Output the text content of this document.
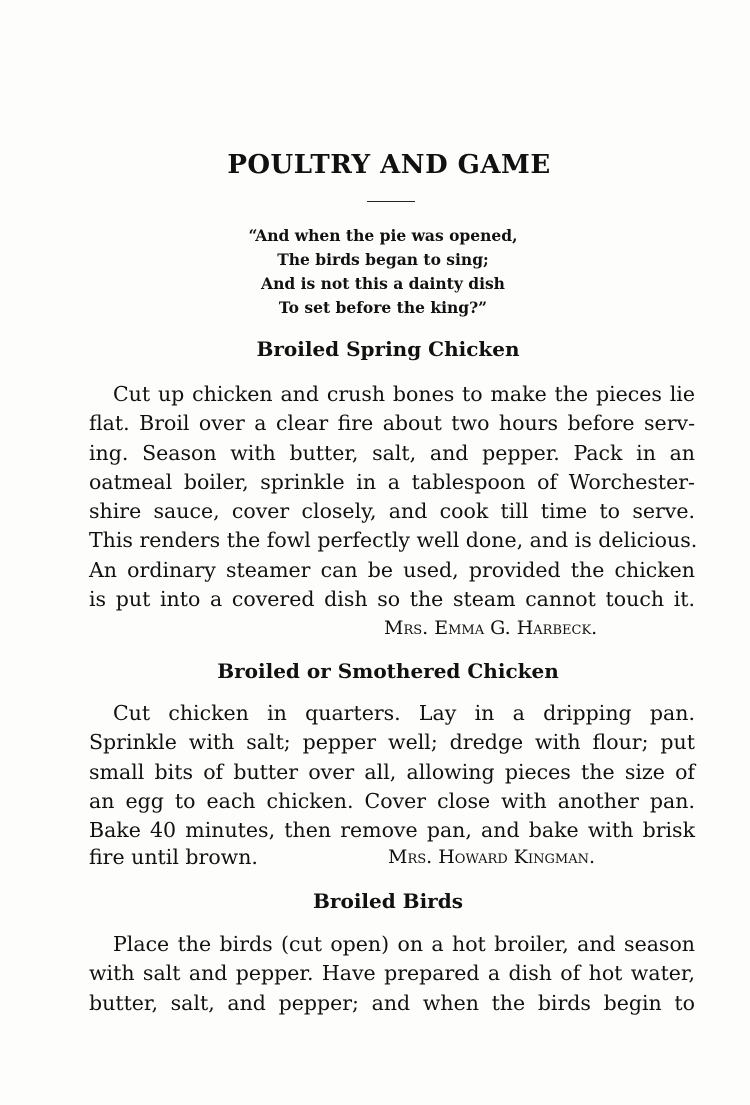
POULTRY AND GAME
“And when the pie was opened,
The birds began to sing;
And is not this a dainty dish
To set before the king?”
Broiled Spring Chicken
Cut up chicken and crush bones to make the pieces lie
flat. Broil over a clear fire about two hours before serv-
ing. Season with butter, salt, and pepper. Pack in an
oatmeal boiler, sprinkle in a tablespoon of Worchester-
shire sauce, cover closely, and cook till time to serve.
This renders the fowl perfectly well done, and is delicious.
An ordinary steamer can be used, provided the chicken
is put into a covered dish so the steam cannot touch it.
Mrs. Emma G. Harbeck.
Broiled or Smothered Chicken
Cut chicken in quarters. Lay in a dripping pan.
Sprinkle with salt; pepper well; dredge with flour; put
small bits of butter over all, allowing pieces the size of
an egg to each chicken. Cover close with another pan.
Bake 40 minutes, then remove pan, and bake with brisk
fire until brown.	Mrs. Howard Kingman.
Broiled Birds
Place the birds (cut open) on a hot broiler, and season
with salt and pepper. Have prepared a dish of hot water,
butter, salt, and pepper; and when the birds begin to
